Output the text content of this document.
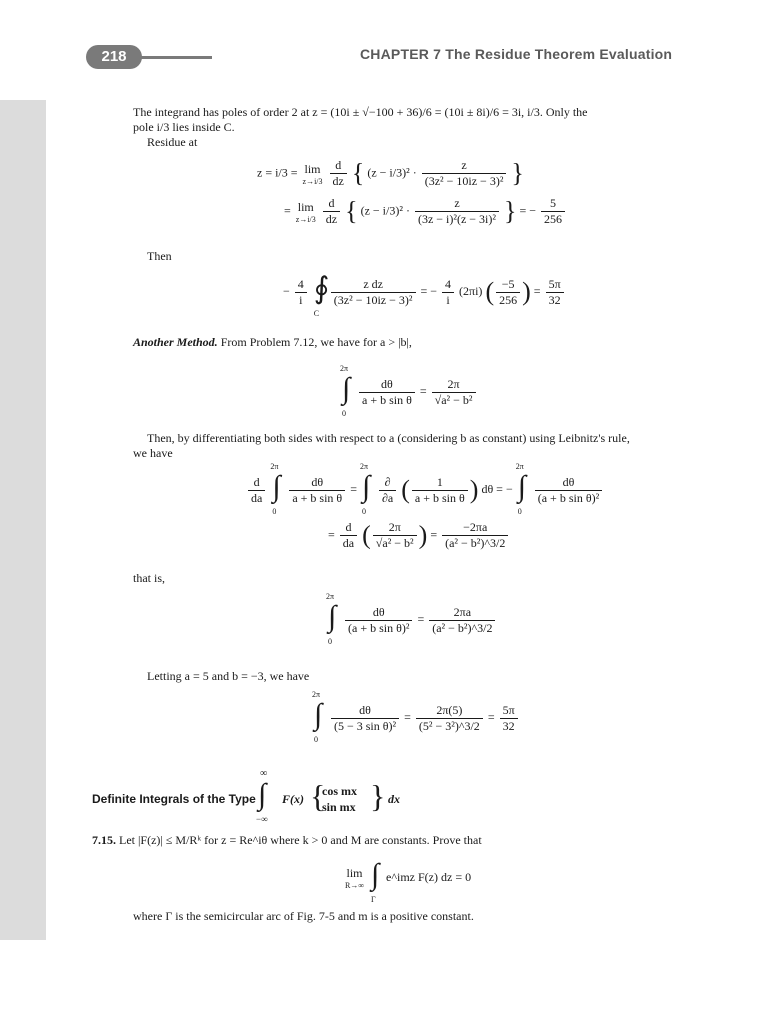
218	CHAPTER 7 The Residue Theorem Evaluation
The integrand has poles of order 2 at z = (10i ± √−100 + 36)/6 = (10i ± 8i)/6 = 3i, i/3. Only the
pole i/3 lies inside C.
Residue at
z = i/3 = lim
z→i/3
$\frac{d}{dz}$ { $(z - i/3)^2 \cdot \frac{z}{\text{(3z² − 10iz − 3)²}}$ }
= lim
z→i/3
$\frac{d}{dz}$ { $(z - i/3)^2 \cdot \frac{z}{\text{(3z − i)²(z − 3i)²}}$ } = − $\frac{5}{256}$
Then
− $\frac{4}{i}$
∮
C

$\frac{\text{z dz}}{\text{(3z² − 10iz − 3)²}}$ = − $\frac{4}{i} (2\pi i)$ ( $\frac{-5}{256}$ ) = $\frac{5\pi}{32}$
Another Method. From Problem 7.12, we have for a > |b|,
2π
∫
0

$\frac{d\theta}{\text{a + b sin θ}} = \frac{2\pi}{\text{√a² − b²}}$
Then, by differentiating both sides with respect to a (considering b as constant) using Leibnitz's rule,
we have
$\frac{d}{da}$

2π
∫
0

$\frac{d\theta}{\text{a + b sin θ}}$ =
2π
∫
0

$\frac{\partial}{\partial a}$ ( $\frac{1}{\text{a + b sin θ}}$ ) dθ = −
2π
∫
0

$\frac{d\theta}{\text{(a + b sin θ)²}}$
= $\frac{d}{da}$ ( $\frac{2\pi}{\text{√a² − b²}}$ ) = $\frac{-2\pi a}{\text{(a² − b²)\textasciicircum{}3/2}}$
that is,
2π
∫
0

$\frac{d\theta}{\text{(a + b sin θ)²}} = \frac{2\pi a}{\text{(a² − b²)\textasciicircum{}3/2}}$
Letting a = 5 and b = −3, we have
2π
∫
0

$\frac{d\theta}{\text{(5 − 3 sin θ)²}} = \frac{2\pi(5)}{\text{(5² − 3²)\textasciicircum{}3/2}} = \frac{5\pi}{32}$
Definite Integrals of the Type
∞
∫
−∞
F(x) {
cos mx
sin mx } dx
7.15. Let |F(z)| ≤ M/Rᵏ for z = Re^iθ where k > 0 and M are constants. Prove that
lim
R→∞
∫
Γ
e^imz F(z) dz = 0
where Γ is the semicircular arc of Fig. 7-5 and m is a positive constant.
